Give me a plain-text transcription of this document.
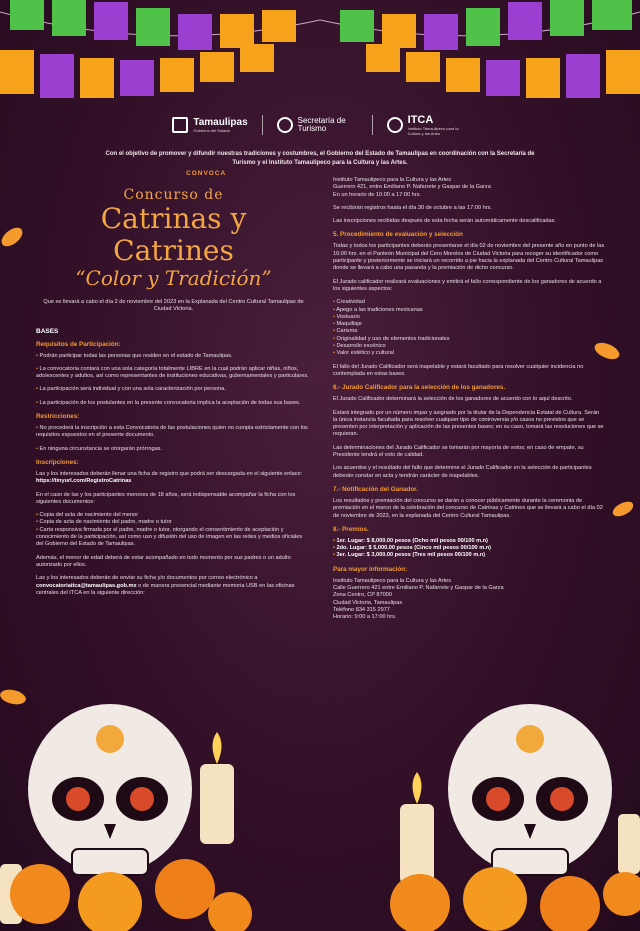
Tamaulipas
Gobierno del Estado
Secretaría de Turismo
ITCA
Instituto Tamaulipeco para la Cultura y las Artes
Con el objetivo de promover y difundir nuestras tradiciones y costumbres, el Gobierno del Estado de Tamaulipas en coordinación con la Secretaría de Turismo y el Instituto Tamaulipeco para la Cultura y las Artes.
CONVOCA
Concurso de
Catrinas y Catrines
“Color y Tradición”

Que se llevará a cabo el día 2 de noviembre del 2023 en la Explanada del Centro Cultural Tamaulipas de Ciudad Victoria.

BASES
Requisitos de Participación:
• Podrán participar todas las personas que residen en el estado de Tamaulipas.
• La convocatoria contará con una sola categoría totalmente LIBRE en la cual podrán aplicar niñas, niños, adolescentes y adultos, así como representantes de instituciones educativas, gubernamentales y particulares.
• La participación será individual y con una sola caracterización por persona.
• La participación de los postulantes en la presente convocatoria implica la aceptación de todas sus bases.
Restricciones:
• No procederá la inscripción a esta Convocatoria de las postulaciones quien no cumpla estrictamente con los requisitos expuestos en el presente documento.
• En ninguna circunstancia se otorgarán prórrogas.
Inscripciones:

Las y los interesados deberán llenar una ficha de registro que podrá ser descargada en el siguiente enlace:

https://tinyurl.com/RegistroCatrinas

En el caso de las y los participantes menores de 18 años, será indispensable acompañar la ficha con los siguientes documentos:

• Copia del acta de nacimiento del menor
• Copia de acta de nacimiento del padre, madre o tutor
• Carta responsiva firmada por el padre, madre o tutor, otorgando el consentimiento de aceptación y conocimiento de la participación, así como uso y difusión del uso de imagen en las redes y medios oficiales del Gobierno del Estado de Tamaulipas.

Además, el menor de edad deberá de estar acompañado en todo momento por sus padres o un adulto autorizado por ellos.

Las y los interesados deberán de enviar su ficha y/o documentos por correo electrónico a convocatoriaitca@tamaulipas.gob.mx o de manera presencial mediante memoria USB en las oficinas centrales del ITCA en la siguiente dirección:

Instituto Tamaulipeco para la Cultura y las Artes

Guerrero 421, entre Emiliano P. Nafarrete y Gaspar de la Garza

En un horario de 10:00 a 17:00 hrs.

Se recibirán registros hasta el día 30 de octubre a las 17:00 hrs.

Las inscripciones recibidas después de esta fecha serán automáticamente descalificadas.

5. Procedimiento de evaluación y selección

Todas y todos los participantes deberán presentarse el día 02 de noviembre del presente año en punto de las 16:00 hrs. en el Panteón Municipal del Cero Morelos de Ciudad Victoria para recoger su identificador como participante y posteriormente se iniciará un recorrido a pie hacia la explanada del Centro Cultural Tamaulipas donde se llevará a cabo una pasarela y la premiación de dicho concurso.

El Jurado calificador realizará evaluaciones y emitirá el fallo correspondiente de los ganadores de acuerdo a los siguientes aspectos:

• Creatividad
• Apego a las tradiciones mexicanas
• Vestuario
• Maquillaje
• Carisma
• Originalidad y uso de elementos tradicionales
• Desarrollo escénico
• Valor estético y cultural

El fallo del Jurado Calificador será inapelable y estará facultado para resolver cualquier incidencia no contemplada en estas bases.

6.- Jurado Calificador para la selección de los ganadores.

El Jurado Calificador determinará la selección de los ganadores de acuerdo con lo aquí descrito.

Estará integrado por un número impar y asignado por la titular de la Dependencia Estatal de Cultura. Serán la única instancia facultada para resolver cualquier tipo de controversia y/o casos no previstos que se presenten por interpretación y aplicación de las presentes bases; en su caso, tomará las resoluciones que se requieran.

Las determinaciones del Jurado Calificador se tomarán por mayoría de votos; en caso de empate, su Presidente tendrá el voto de calidad.

Los acuerdos y el resultado del fallo que determine el Jurado Calificador en la selección de participantes deberán constar en acta y tendrán carácter de inapelables.

7.- Notificación del Ganador.

Los resultados y premiación del concurso se darán a conocer públicamente durante la ceremonia de premiación en el marco de la celebración del concurso de Catrinas y Catrines que se llevará a cabo el día 02 de noviembre de 2023, en la explanada del Centro Cultural Tamaulipas.

8.- Premios.
• 1er. Lugar: $ 8,000.00 pesos (Ocho mil pesos 00/100 m.n)
• 2do. Lugar: $ 5,000.00 pesos (Cinco mil pesos 00/100 m.n)
• 3er. Lugar: $ 3,000.00 pesos (Tres mil pesos 00/100 m.n)
Para mayor información:

Instituto Tamaulipeco para la Cultura y las Artes

Calle Guerrero 421 entre Emiliano P. Nafarrete y Gaspar de la Garza

Zona Centro, CP 87000

Ciudad Victoria, Tamaulipas

Teléfono 834 315 2977

Horario: 9:00 a 17:00 hrs.
